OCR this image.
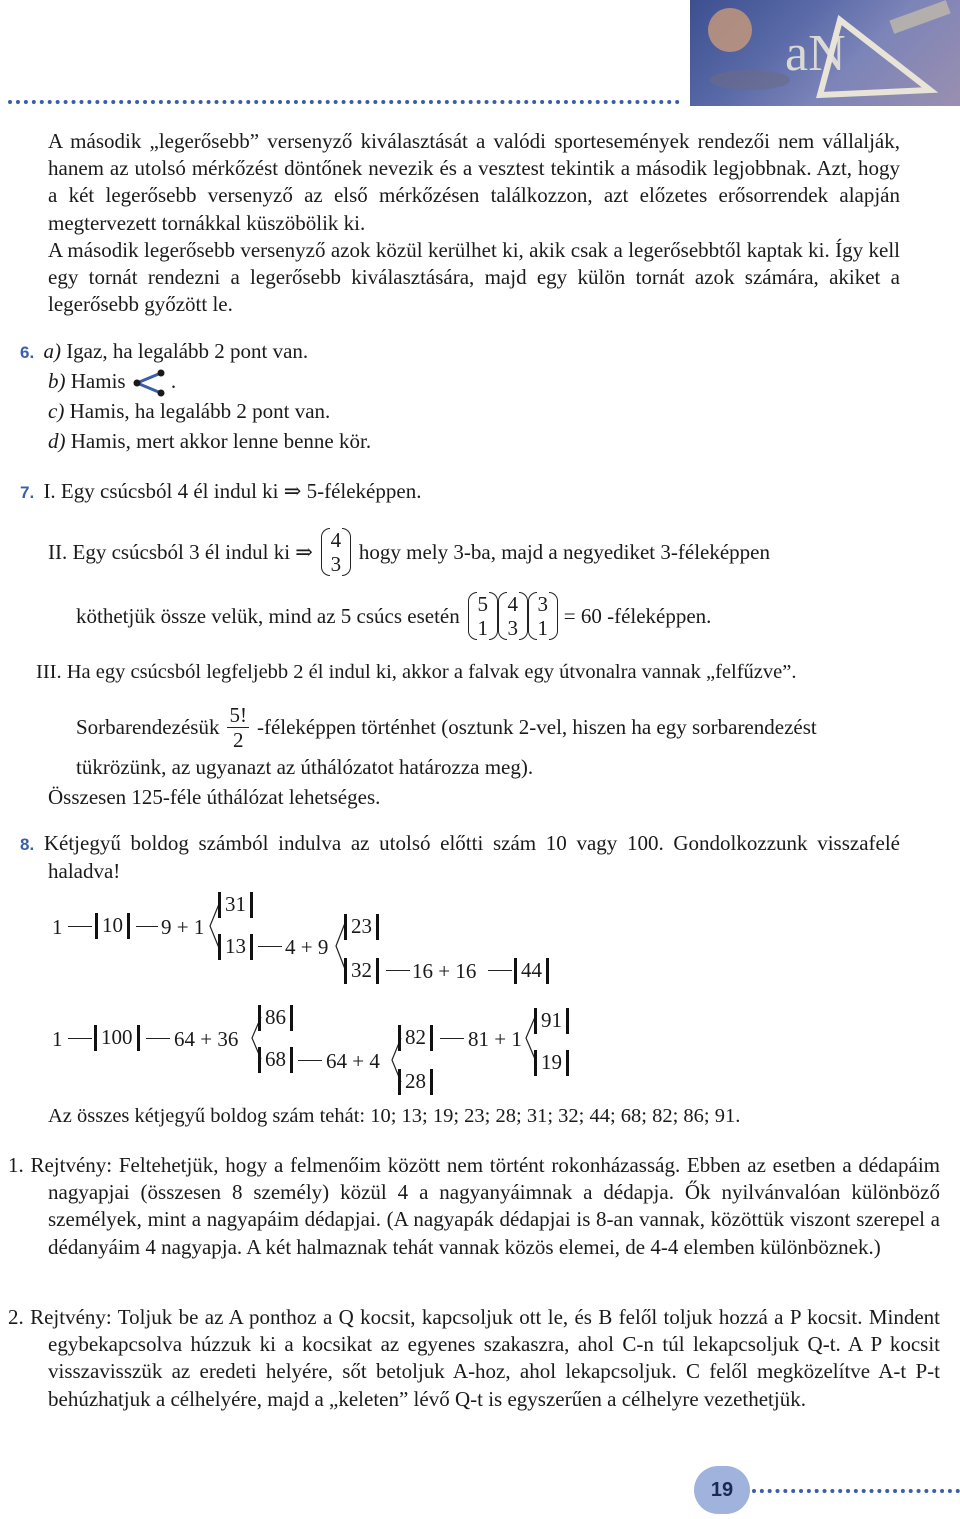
aN

A második „legerősebb” versenyző kiválasztását a valódi sportesemények rendezői nem vállalják, hanem az utolsó mérkőzést döntőnek nevezik és a vesztest tekintik a második legjobbnak. Azt, hogy a két legerősebb versenyző az első mérkőzésen találkozzon, azt előzetes erősorrendek alapján megtervezett tornákkal küszöbölik ki.

A második legerősebb versenyző azok közül kerülhet ki, akik csak a legerősebbtől kaptak ki. Így kell egy tornát rendezni a legerősebb kiválasztására, majd egy külön tornát azok számára, akiket a legerősebb győzött le.

6. a) Igaz, ha legalább 2 pont van.
b) Hamis .
c) Hamis, ha legalább 2 pont van.
d) Hamis, mert akkor lenne benne kör.
7. I. Egy csúcsból 4 él indul ki ⇒ 5-féleképpen.
II. Egy csúcsból 3 él indul ki ⇒ 4
3
hogy mely 3-ba, majd a negyediket 3-féleképpen
köthetjük össze velük, mind az 5 csúcs esetén 5
1
4
3
3
1
= 60 -féleképpen.
III. Ha egy csúcsból legfeljebb 2 él indul ki, akkor a falvak egy útvonalra vannak „felfűzve”.
Sorbarendezésük $\frac{5!}{2}$ -féleképpen történhet (osztunk 2-vel, hiszen ha egy sorbarendezést
tükrözünk, az ugyanazt az úthálózatot határozza meg).
Összesen 125-féle úthálózat lehetséges.

8. Kétjegyű boldog számból indulva az utolsó előtti szám 10 vagy 100. Gondolkozzunk visszafelé haladva!

1	10	9 + 1
31
13	4 + 9
23
32	16 + 16	44
1	100	64 + 36
86
68	64 + 4
82
28
81 + 1
91
19
Az összes kétjegyű boldog szám tehát: 10; 13; 19; 23; 28; 31; 32; 44; 68; 82; 86; 91.

1. Rejtvény: Feltehetjük, hogy a felmenőim között nem történt rokonházasság. Ebben az esetben a dédapáim nagyapjai (összesen 8 személy) közül 4 a nagyanyáimnak a dédapja. Ők nyilvánvalóan különböző személyek, mint a nagyapáim dédapjai. (A nagyapák dédapjai is 8-an vannak, közöttük viszont szerepel a dédanyáim 4 nagyapja. A két halmaznak tehát vannak közös elemei, de 4-4 elemben különböznek.)

2. Rejtvény: Toljuk be az A ponthoz a Q kocsit, kapcsoljuk ott le, és B felől toljuk hozzá a P kocsit. Mindent egybekapcsolva húzzuk ki a kocsikat az egyenes szakaszra, ahol C-n túl lekapcsoljuk Q-t. A P kocsit visszavisszük az eredeti helyére, sőt betoljuk A-hoz, ahol lekapcsoljuk. C felől megközelítve A-t P-t behúzhatjuk a célhelyére, majd a „keleten” lévő Q-t is egyszerűen a célhelyre vezethetjük.

19
